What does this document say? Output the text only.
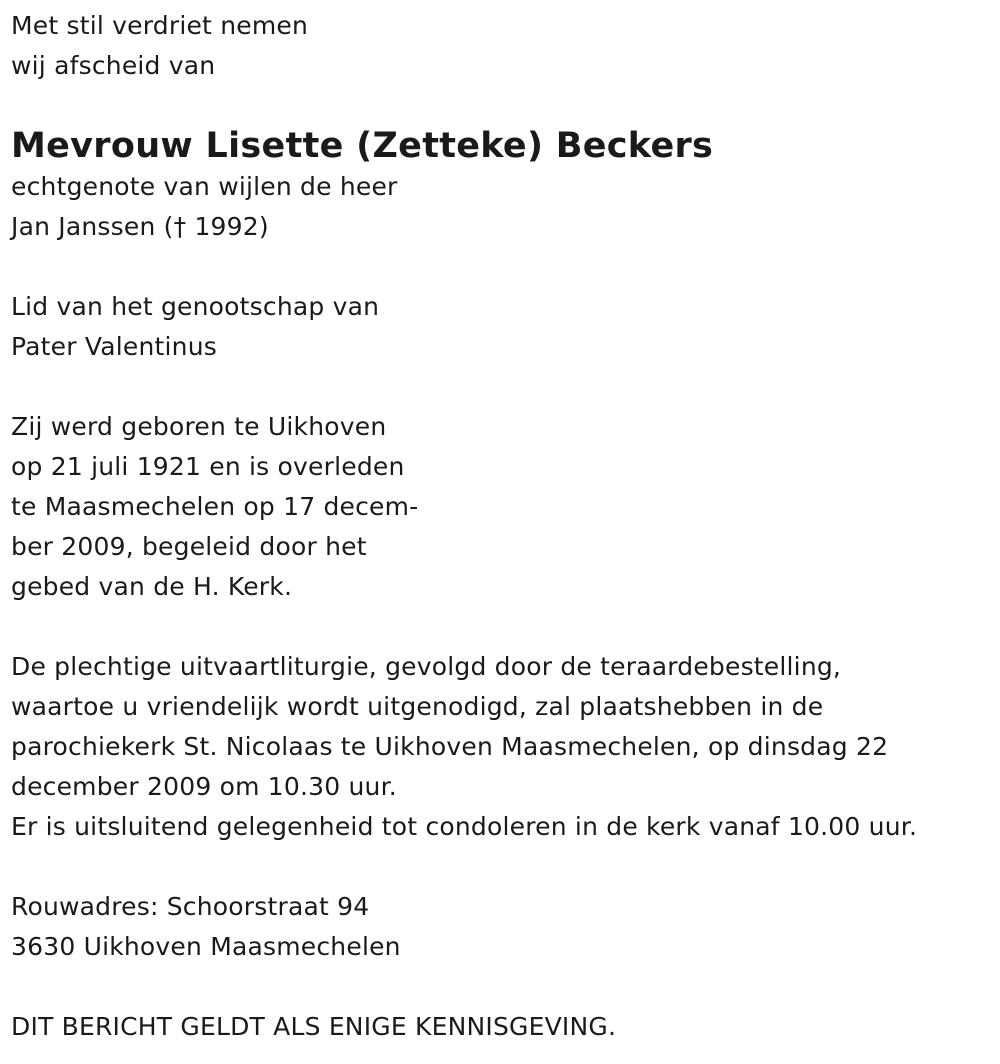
Met stil verdriet nemen
wij afscheid van
Mevrouw Lisette (Zetteke) Beckers
echtgenote van wijlen de heer
Jan Janssen († 1992)
Lid van het genootschap van
Pater Valentinus
Zij werd geboren te Uikhoven
op 21 juli 1921 en is overleden
te Maasmechelen op 17 decem-
ber 2009, begeleid door het
gebed van de H. Kerk.
De plechtige uitvaartliturgie, gevolgd door de teraardebestelling,
waartoe u vriendelijk wordt uitgenodigd, zal plaatshebben in de
parochiekerk St. Nicolaas te Uikhoven Maasmechelen, op dinsdag 22
december 2009 om 10.30 uur.
Er is uitsluitend gelegenheid tot condoleren in de kerk vanaf 10.00 uur.
Rouwadres: Schoorstraat 94
3630 Uikhoven Maasmechelen
DIT BERICHT GELDT ALS ENIGE KENNISGEVING.
